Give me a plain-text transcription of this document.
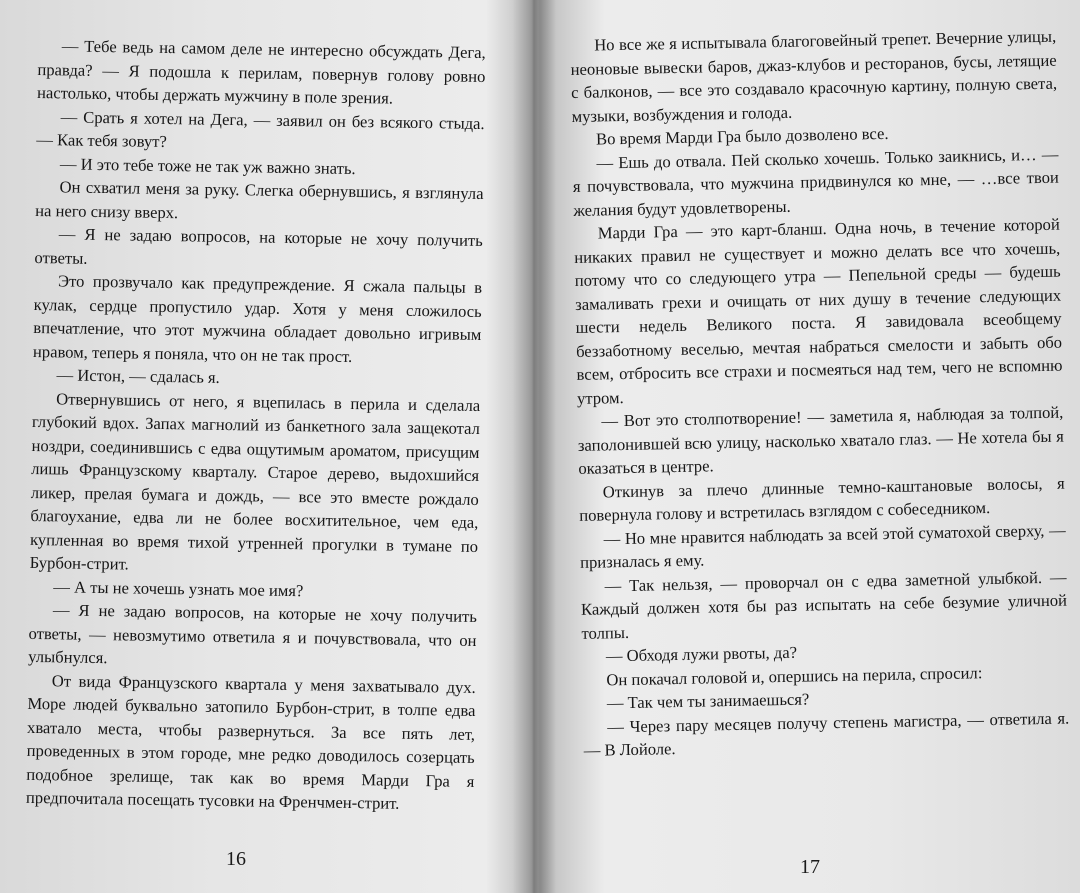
— Тебе ведь на самом деле не интересно обсуждать Дега, правда? — Я подошла к перилам, повернув голову ровно настолько, чтобы держать мужчину в поле зрения.

— Срать я хотел на Дега, — заявил он без всякого стыда. — Как тебя зовут?

— И это тебе тоже не так уж важно знать.

Он схватил меня за руку. Слегка обернувшись, я взглянула на него снизу вверх.

— Я не задаю вопросов, на которые не хочу получить ответы.

Это прозвучало как предупреждение. Я сжала пальцы в кулак, сердце пропустило удар. Хотя у меня сложилось впечатление, что этот мужчина обладает довольно игривым нравом, теперь я поняла, что он не так прост.

— Истон, — сдалась я.

Отвернувшись от него, я вцепилась в перила и сделала глубокий вдох. Запах магнолий из банкетного зала защекотал ноздри, соединившись с едва ощутимым ароматом, присущим лишь Французскому кварталу. Старое дерево, выдохшийся ликер, прелая бумага и дождь, — все это вместе рождало благоухание, едва ли не более восхитительное, чем еда, купленная во время тихой утренней прогулки в тумане по Бурбон-стрит.

— А ты не хочешь узнать мое имя?

— Я не задаю вопросов, на которые не хочу получить ответы, — невозмутимо ответила я и почувствовала, что он улыбнулся.

От вида Французского квартала у меня захватывало дух. Море людей буквально затопило Бурбон-стрит, в толпе едва хватало места, чтобы развернуться. За все пять лет, проведенных в этом городе, мне редко доводилось созерцать подобное зрелище, так как во время Марди Гра я предпочитала посещать тусовки на Френчмен-стрит.

16

Но все же я испытывала благоговейный трепет. Вечерние улицы, неоновые вывески баров, джаз-клубов и ресторанов, бусы, летящие с балконов, — все это создавало красочную картину, полную света, музыки, возбуждения и голода.

Во время Марди Гра было дозволено все.

— Ешь до отвала. Пей сколько хочешь. Только заикнись, и… — я почувствовала, что мужчина придвинулся ко мне, — …все твои желания будут удовлетворены.

Марди Гра — это карт-бланш. Одна ночь, в течение которой никаких правил не существует и можно делать все что хочешь, потому что со следующего утра — Пепельной среды — будешь замаливать грехи и очищать от них душу в течение следующих шести недель Великого поста. Я завидовала всеобщему беззаботному веселью, мечтая набраться смелости и забыть обо всем, отбросить все страхи и посмеяться над тем, чего не вспомню утром.

— Вот это столпотворение! — заметила я, наблюдая за толпой, заполонившей всю улицу, насколько хватало глаз. — Не хотела бы я оказаться в центре.

Откинув за плечо длинные темно-каштановые волосы, я повернула голову и встретилась взглядом с собеседником.

— Но мне нравится наблюдать за всей этой суматохой сверху, — призналась я ему.

— Так нельзя, — проворчал он с едва заметной улыбкой. — Каждый должен хотя бы раз испытать на себе безумие уличной толпы.

— Обходя лужи рвоты, да?

Он покачал головой и, опершись на перила, спросил:

— Так чем ты занимаешься?

— Через пару месяцев получу степень магистра, — ответила я. — В Лойоле.

17
